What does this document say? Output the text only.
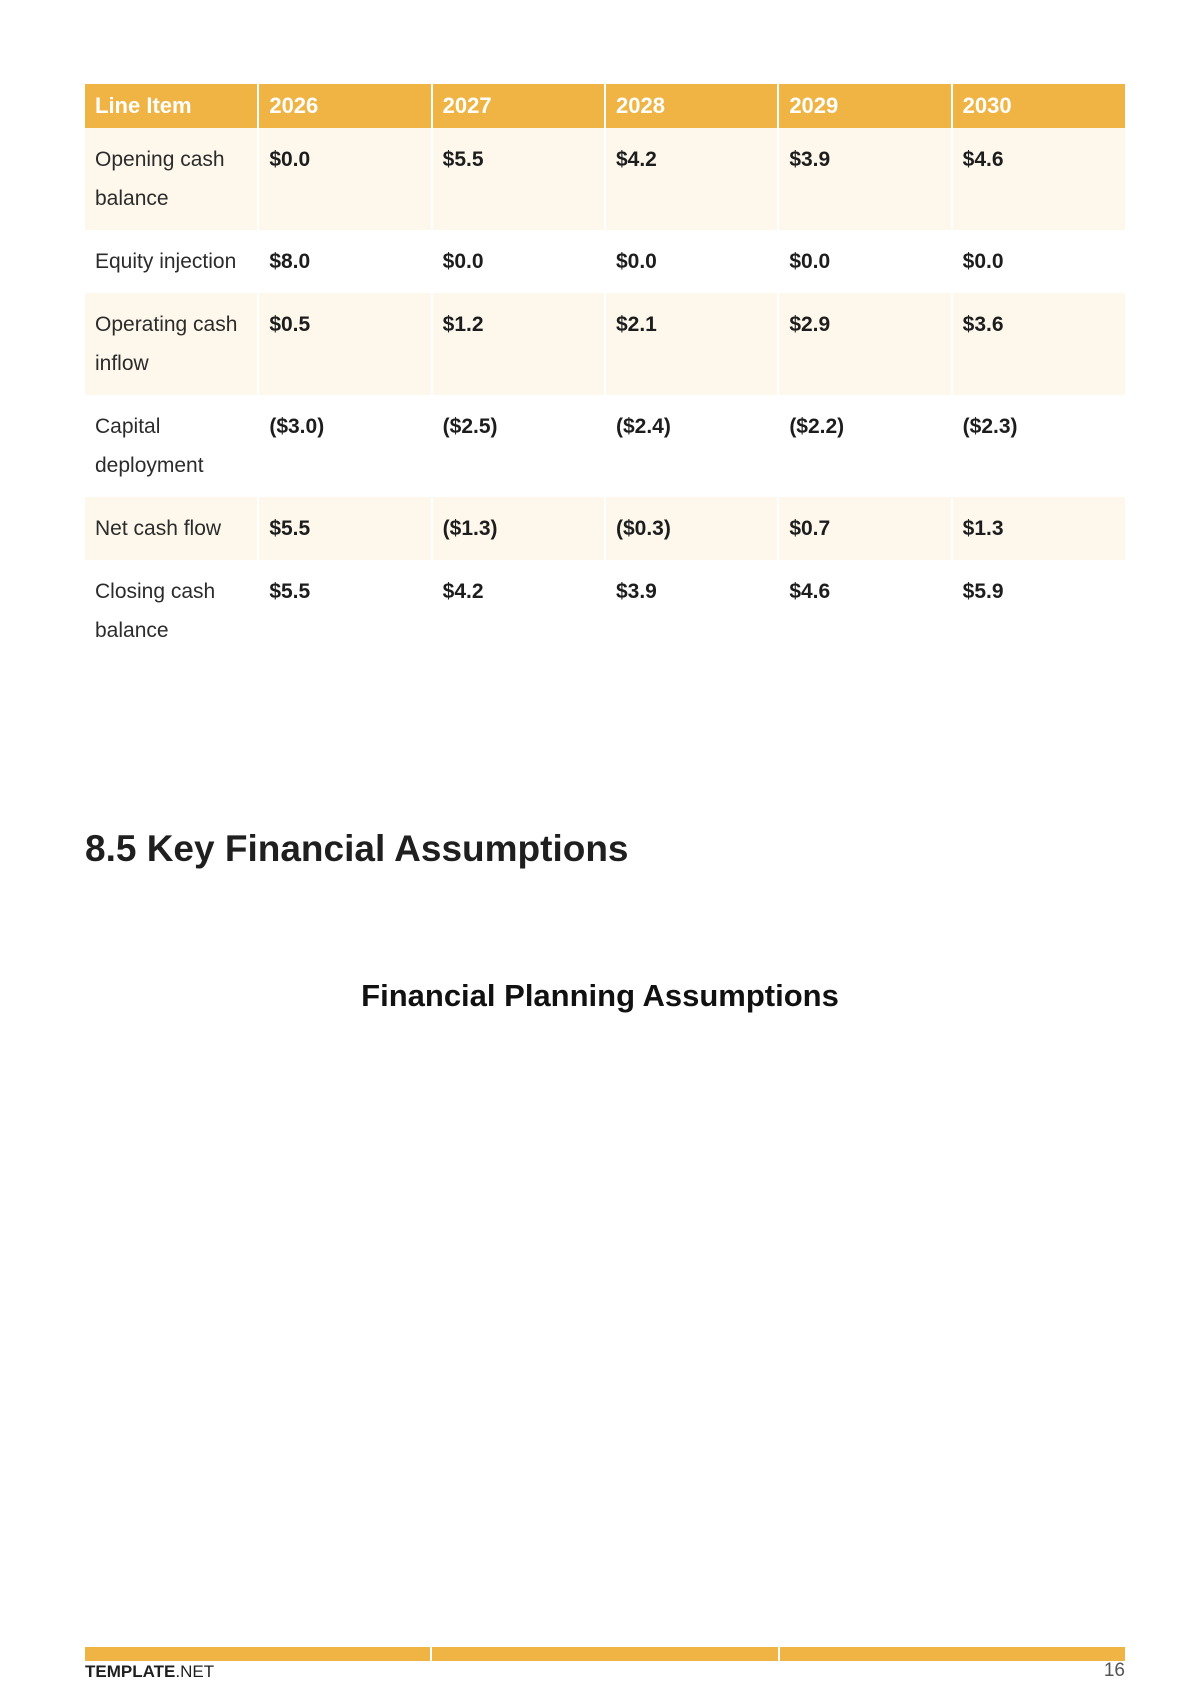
Line Item	2026	2027	2028	2029	2030
Opening cash balance	$0.0	$5.5	$4.2	$3.9	$4.6
Equity injection	$8.0	$0.0	$0.0	$0.0	$0.0
Operating cash inflow	$0.5	$1.2	$2.1	$2.9	$3.6
Capital deployment	($3.0)	($2.5)	($2.4)	($2.2)	($2.3)
Net cash flow	$5.5	($1.3)	($0.3)	$0.7	$1.3
Closing cash balance	$5.5	$4.2	$3.9	$4.6	$5.9
8.5 Key Financial Assumptions
Financial Planning Assumptions
TEMPLATE.NET	16
